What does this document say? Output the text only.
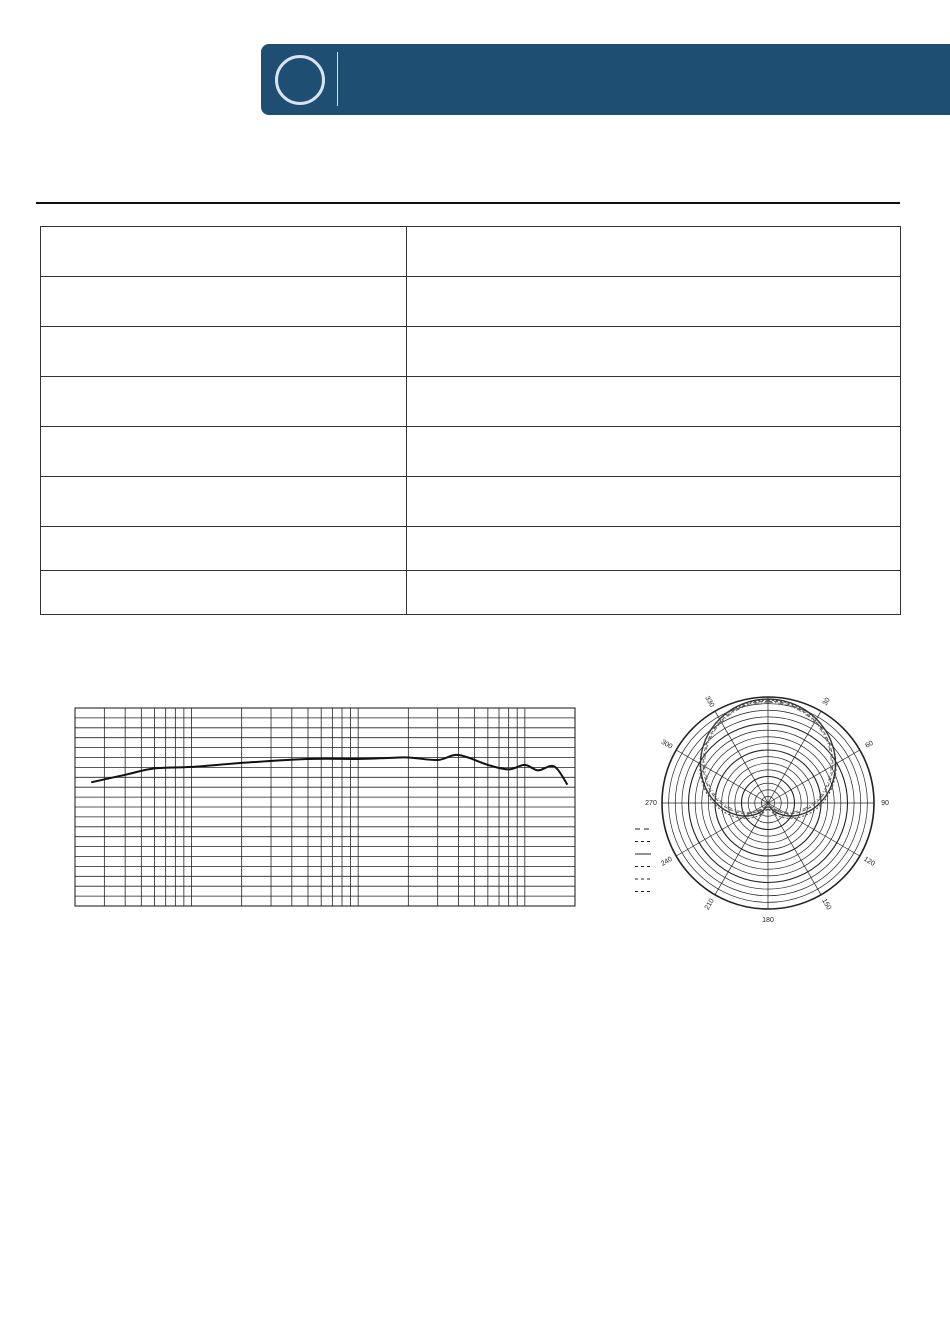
330	30
300	60
270	90
240	120
210	150
180
